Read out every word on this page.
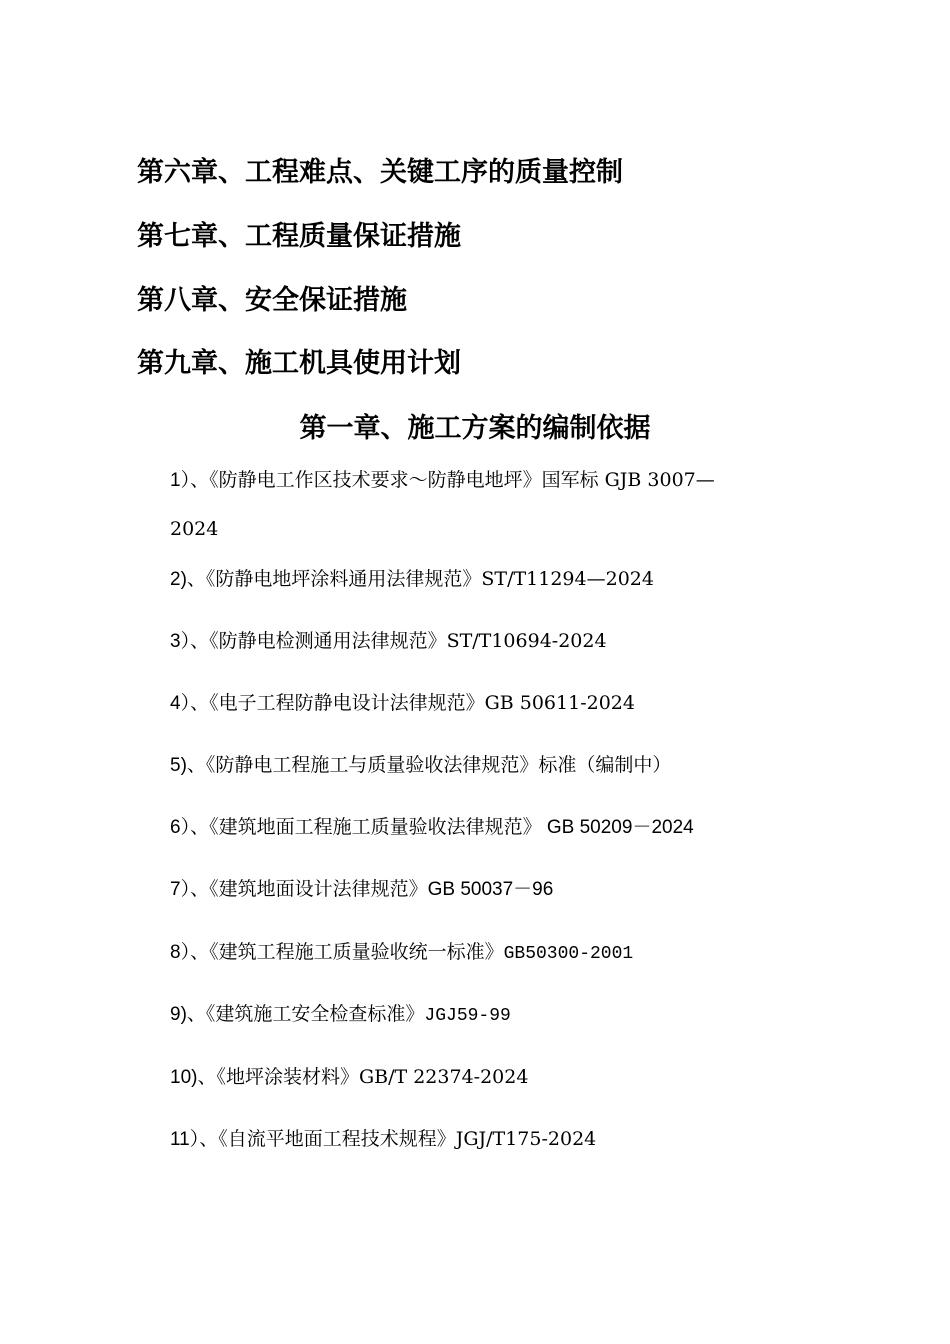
第六章、工程难点、关键工序的质量控制
第七章、工程质量保证措施
第八章、安全保证措施
第九章、施工机具使用计划
第一章、施工方案的编制依据
1）、《防静电工作区技术要求～防静电地坪》国军标 GJB 3007—
2024
2)、《防静电地坪涂料通用法律规范》ST/T11294—2024
3）、《防静电检测通用法律规范》ST/T10694-2024
4）、《电子工程防静电设计法律规范》GB 50611-2024
5)、《防静电工程施工与质量验收法律规范》标准（编制中）
6）、《建筑地面工程施工质量验收法律规范》 GB 50209－2024
7）、《建筑地面设计法律规范》GB 50037－96
8）、《建筑工程施工质量验收统一标准》GB50300-2001
9)、《建筑施工安全检查标准》JGJ59-99
10)、《地坪涂装材料》GB/T 22374-2024
11）、《自流平地面工程技术规程》JGJ/T175-2024
